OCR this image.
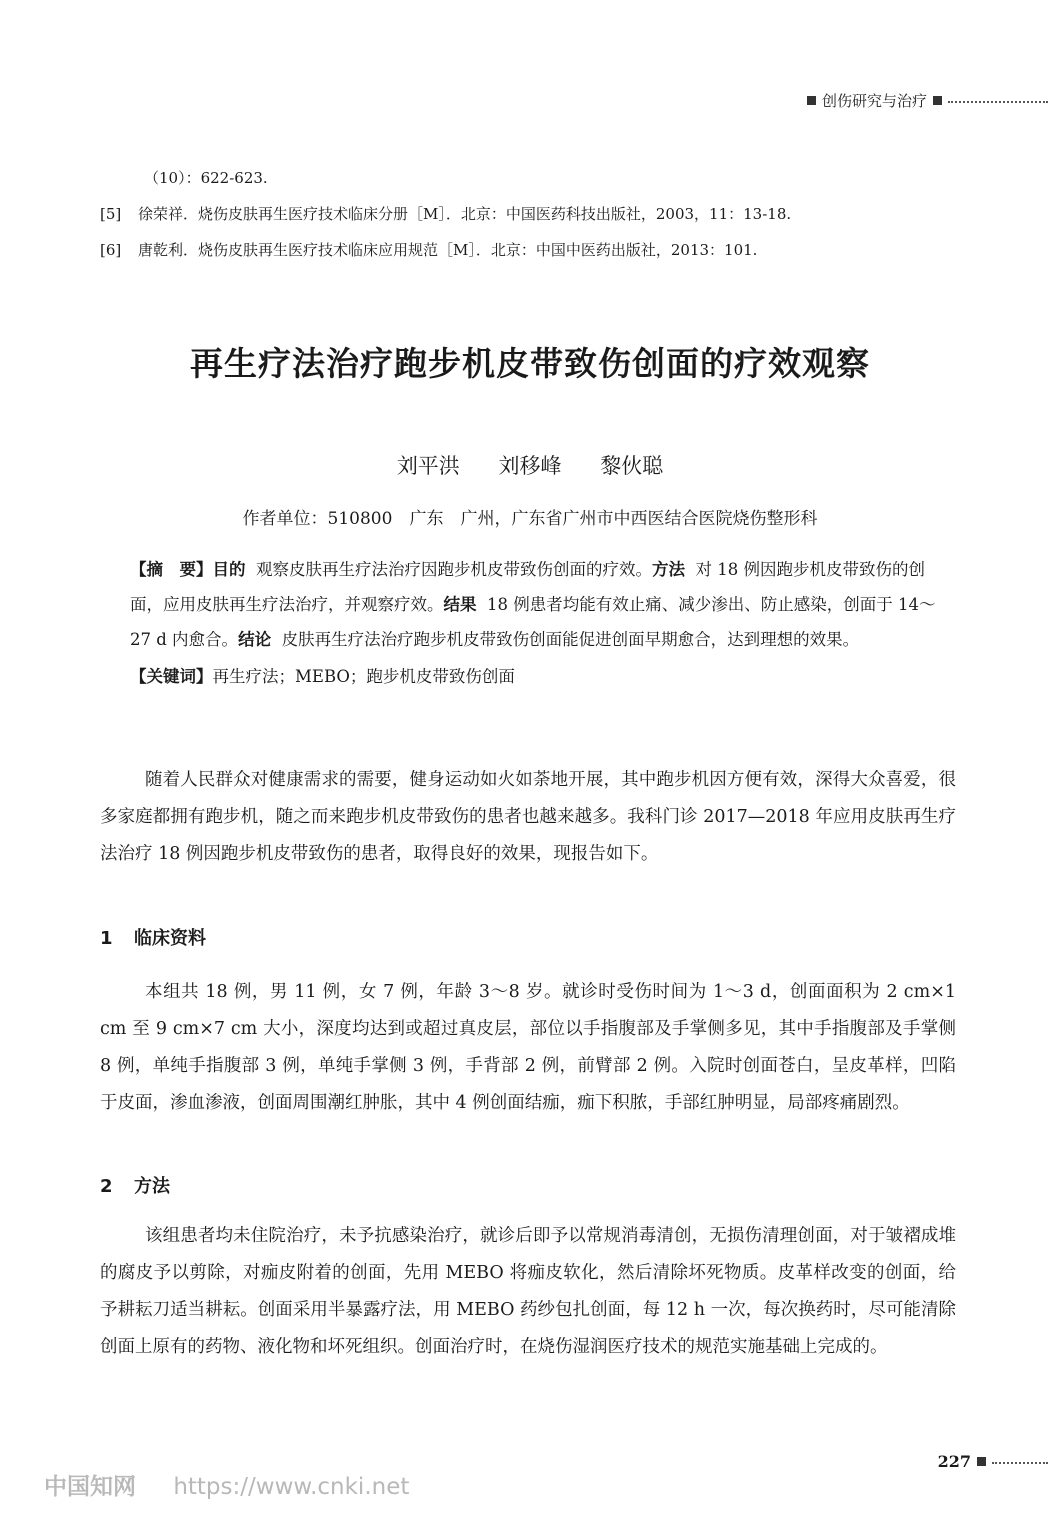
创伤研究与治疗
（10）：622-623.
[5]	徐荣祥．烧伤皮肤再生医疗技术临床分册［M］．北京：中国医药科技出版社，2003，11：13-18.
[6]	唐乾利．烧伤皮肤再生医疗技术临床应用规范［M］．北京：中国中医药出版社，2013：101.
再生疗法治疗跑步机皮带致伤创面的疗效观察
刘平洪 刘移峰 黎伙聪
作者单位：510800　广东　广州，广东省广州市中西医结合医院烧伤整形科

【摘　要】目的 观察皮肤再生疗法治疗因跑步机皮带致伤创面的疗效。方法 对 18 例因跑步机皮带致伤的创面，应用皮肤再生疗法治疗，并观察疗效。结果 18 例患者均能有效止痛、减少渗出、防止感染，创面于 14～27 d 内愈合。结论 皮肤再生疗法治疗跑步机皮带致伤创面能促进创面早期愈合，达到理想的效果。

【关键词】再生疗法；MEBO；跑步机皮带致伤创面

随着人民群众对健康需求的需要，健身运动如火如荼地开展，其中跑步机因方便有效，深得大众喜爱，很多家庭都拥有跑步机，随之而来跑步机皮带致伤的患者也越来越多。我科门诊 2017—2018 年应用皮肤再生疗法治疗 18 例因跑步机皮带致伤的患者，取得良好的效果，现报告如下。

1 临床资料

本组共 18 例，男 11 例，女 7 例，年龄 3～8 岁。就诊时受伤时间为 1～3 d，创面面积为 2 cm×1 cm 至 9 cm×7 cm 大小，深度均达到或超过真皮层，部位以手指腹部及手掌侧多见，其中手指腹部及手掌侧 8 例，单纯手指腹部 3 例，单纯手掌侧 3 例，手背部 2 例，前臂部 2 例。入院时创面苍白，呈皮革样，凹陷于皮面，渗血渗液，创面周围潮红肿胀，其中 4 例创面结痂，痂下积脓，手部红肿明显，局部疼痛剧烈。

2 方法

该组患者均未住院治疗，未予抗感染治疗，就诊后即予以常规消毒清创，无损伤清理创面，对于皱褶成堆的腐皮予以剪除，对痂皮附着的创面，先用 MEBO 将痂皮软化，然后清除坏死物质。皮革样改变的创面，给予耕耘刀适当耕耘。创面采用半暴露疗法，用 MEBO 药纱包扎创面，每 12 h 一次，每次换药时，尽可能清除创面上原有的药物、液化物和坏死组织。创面治疗时，在烧伤湿润医疗技术的规范实施基础上完成的。

227
中国知网 https://www.cnki.net
